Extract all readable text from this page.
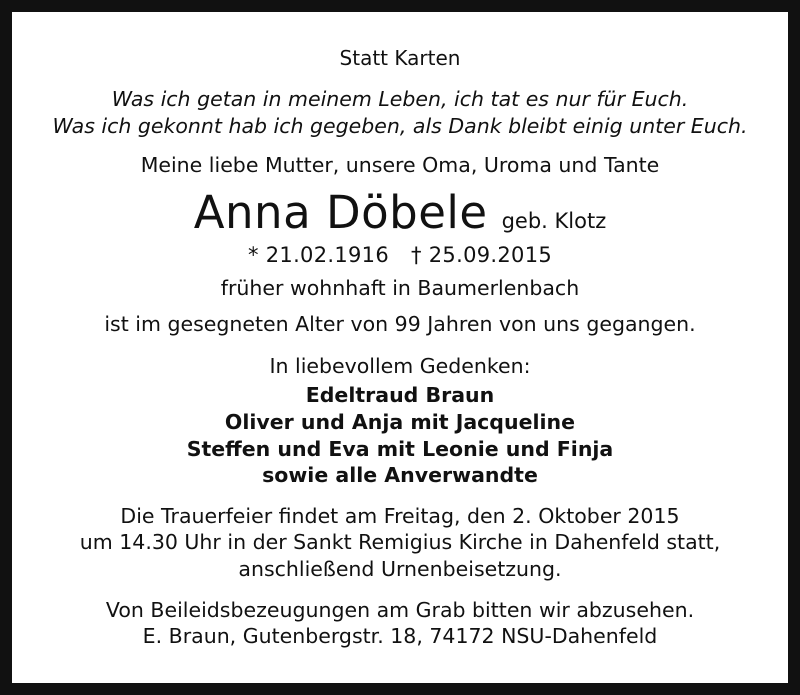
Statt Karten
Was ich getan in meinem Leben, ich tat es nur für Euch.
Was ich gekonnt hab ich gegeben, als Dank bleibt einig unter Euch.
Meine liebe Mutter, unsere Oma, Uroma und Tante
Anna Döbele geb. Klotz
* 21.02.1916 † 25.09.2015
früher wohnhaft in Baumerlenbach
ist im gesegneten Alter von 99 Jahren von uns gegangen.
In liebevollem Gedenken:
Edeltraud Braun
Oliver und Anja mit Jacqueline
Steffen und Eva mit Leonie und Finja
sowie alle Anverwandte
Die Trauerfeier findet am Freitag, den 2. Oktober 2015
um 14.30 Uhr in der Sankt Remigius Kirche in Dahenfeld statt,
anschließend Urnenbeisetzung.
Von Beileidsbezeugungen am Grab bitten wir abzusehen.
E. Braun, Gutenbergstr. 18, 74172 NSU-Dahenfeld
